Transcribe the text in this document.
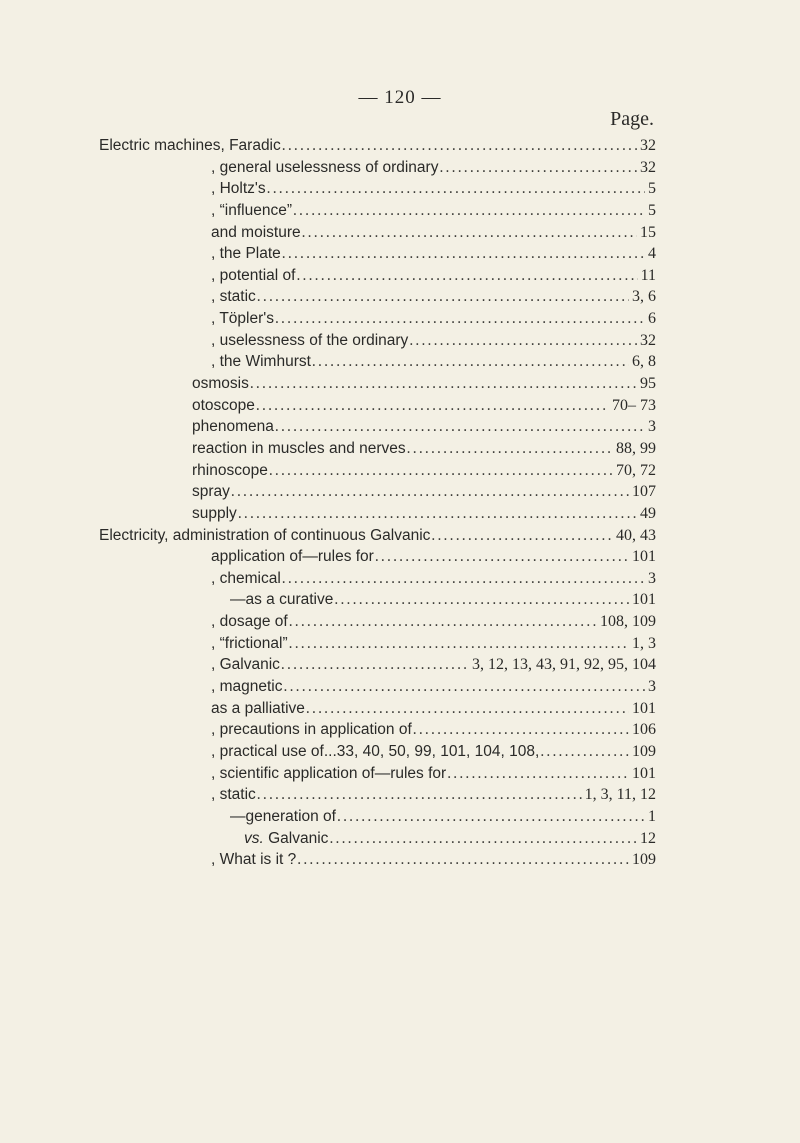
— 120 —
Page.
Electric machines, Faradic .....	32
, general uselessness of ordinary .....	32
, Holtz's .....	5
, “influence” .....	5
and moisture .....	15
, the Plate .....	4
, potential of .....	11
, static .....	3, 6
, Töpler's .....	6
, uselessness of the ordinary .....	32
, the Wimhurst .....	6, 8
osmosis .....	95
otoscope .....	70– 73
phenomena .....	3
reaction in muscles and nerves .....	88, 99
rhinoscope .....	70, 72
spray .....	107
supply .....	49
Electricity, administration of continuous Galvanic .....	40, 43
application of—rules for .....	101
, chemical .....	3
—as a curative .....	101
, dosage of .....	108, 109
, “frictional” .....	1, 3
, Galvanic .....	3, 12, 13, 43, 91, 92, 95, 104
, magnetic .....	3
as a palliative .....	101
, precautions in application of .....	106
, practical use of...33, 40, 50, 99, 101, 104, 108, .....	109
, scientific application of—rules for .....	101
, static .....	1, 3, 11, 12
—generation of .....	1
vs. Galvanic .....	12
, What is it ? .....	109
